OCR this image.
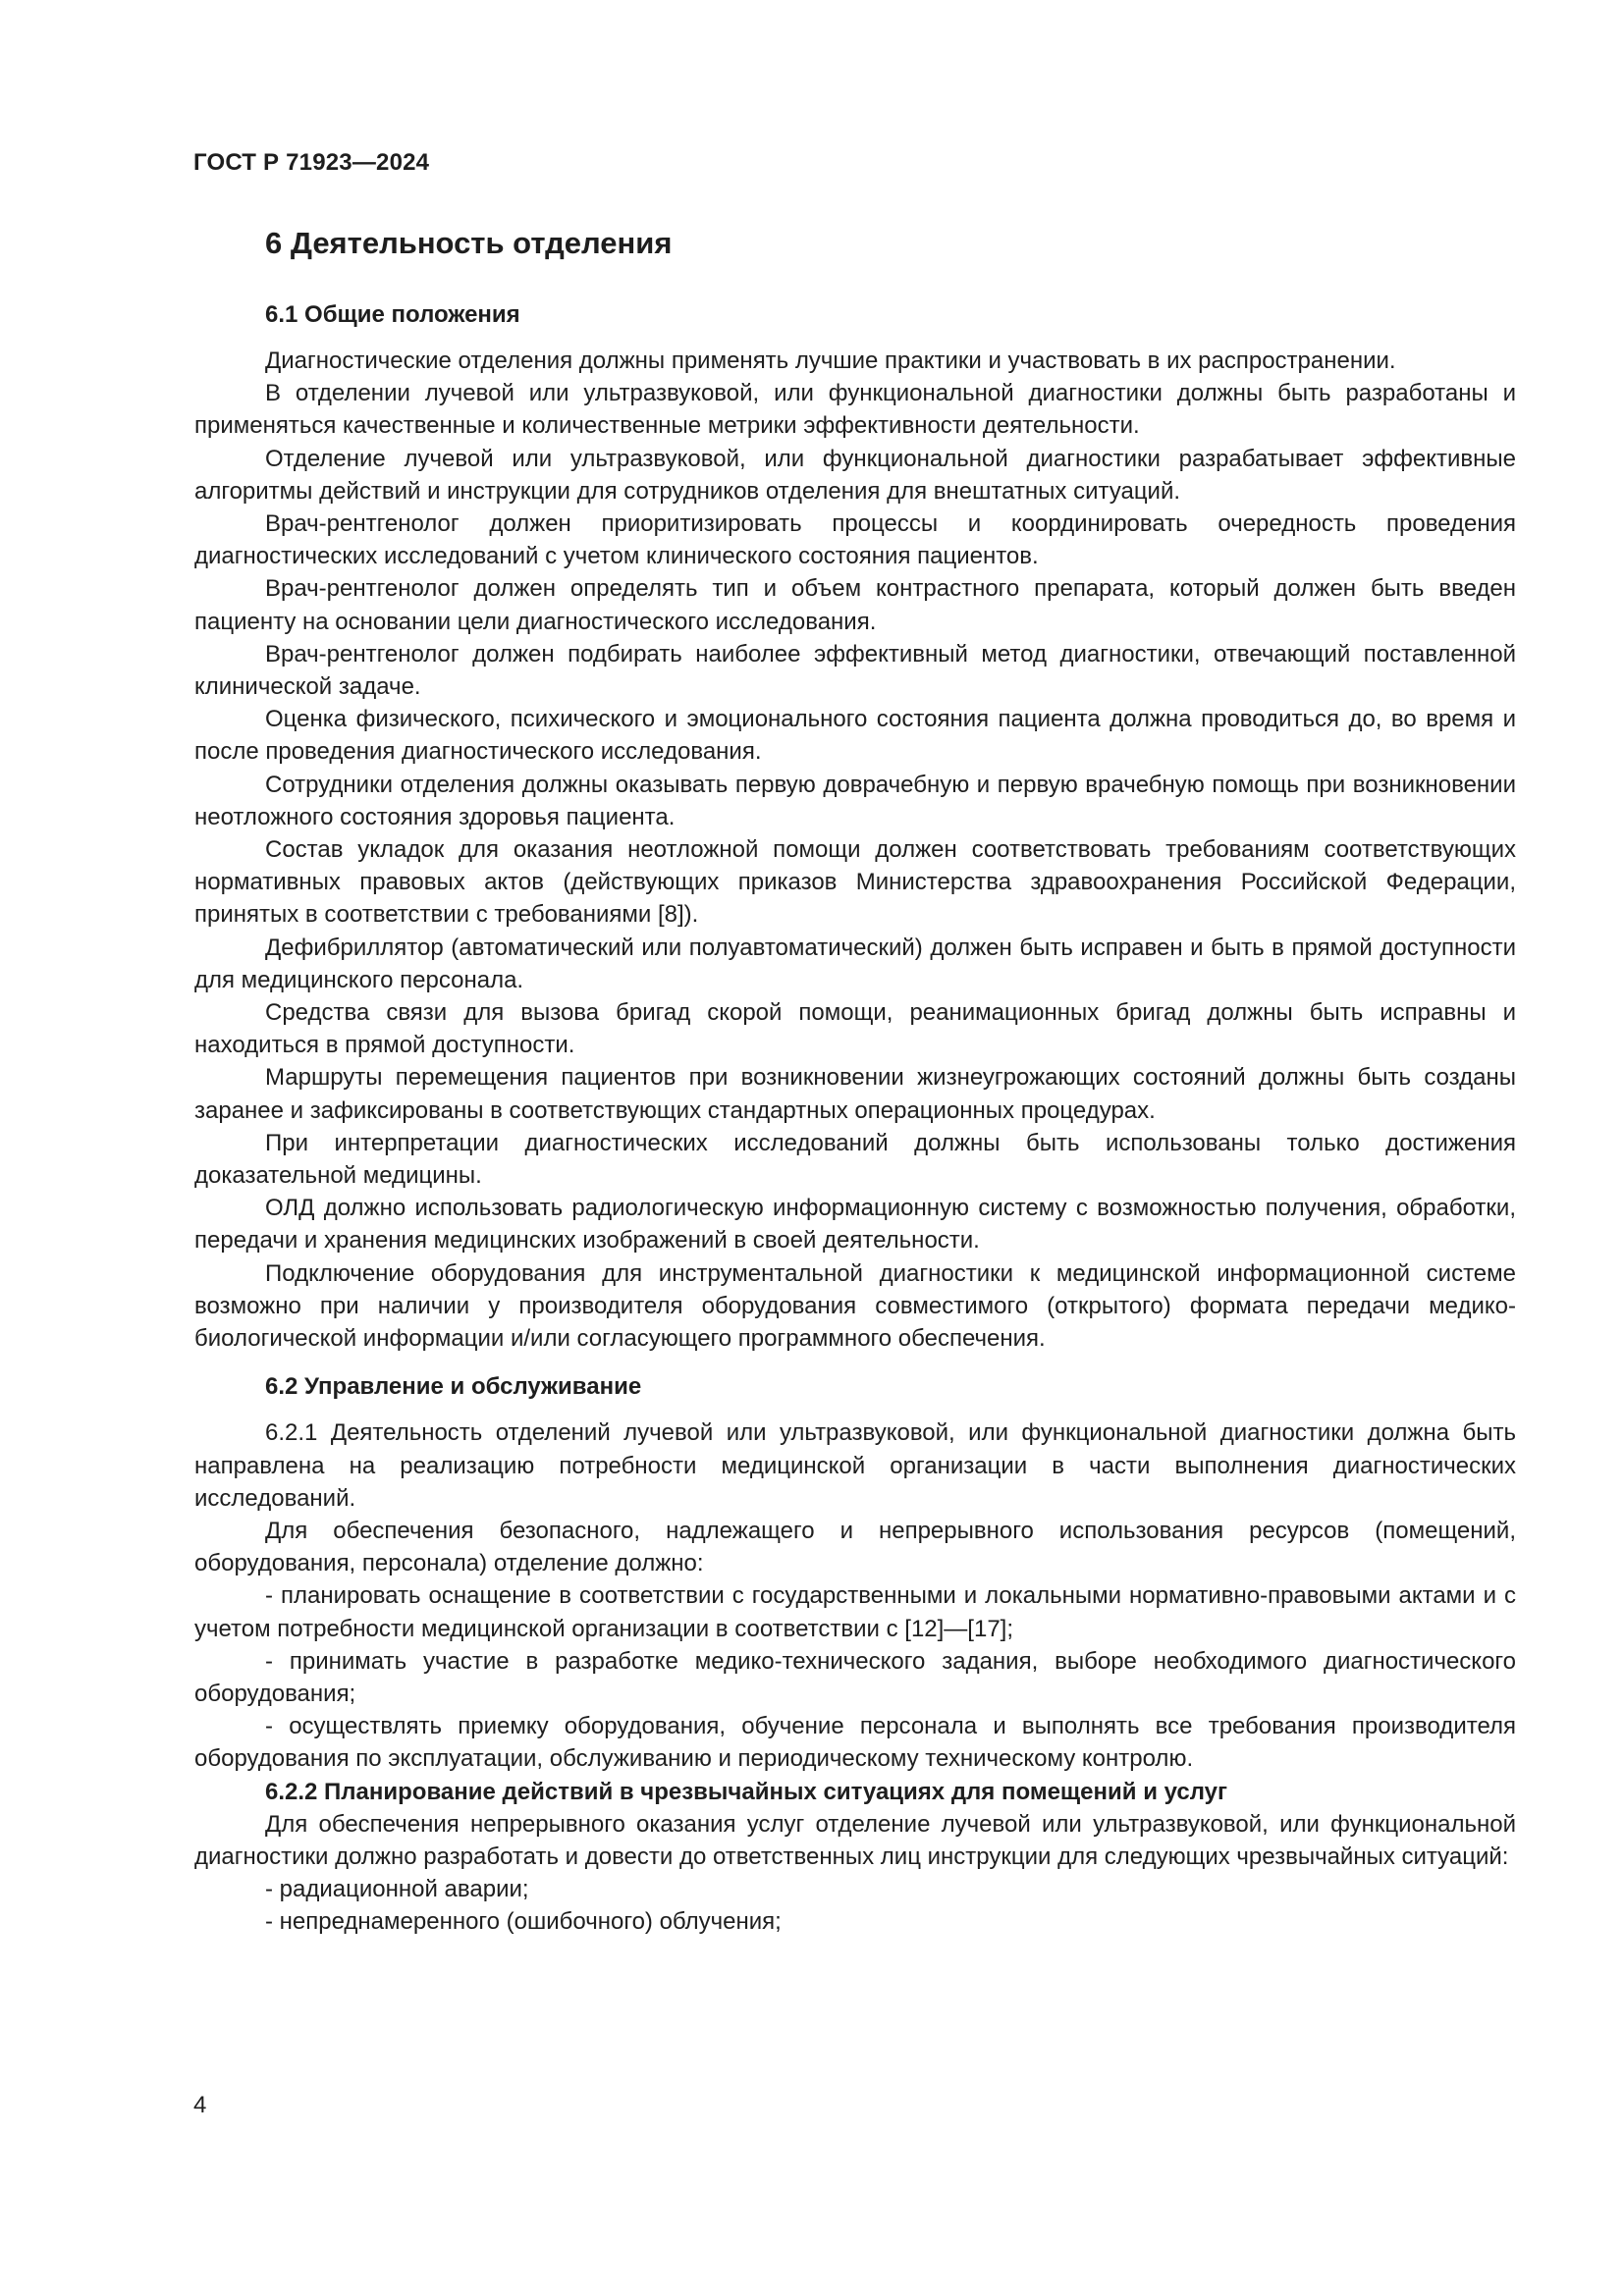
ГОСТ Р 71923—2024
6 Деятельность отделения
6.1 Общие положения

Диагностические отделения должны применять лучшие практики и участвовать в их распространении.

В отделении лучевой или ультразвуковой, или функциональной диагностики должны быть разработаны и применяться качественные и количественные метрики эффективности деятельности.

Отделение лучевой или ультразвуковой, или функциональной диагностики разрабатывает эффективные алгоритмы действий и инструкции для сотрудников отделения для внештатных ситуаций.

Врач-рентгенолог должен приоритизировать процессы и координировать очередность проведения диагностических исследований с учетом клинического состояния пациентов.

Врач-рентгенолог должен определять тип и объем контрастного препарата, который должен быть введен пациенту на основании цели диагностического исследования.

Врач-рентгенолог должен подбирать наиболее эффективный метод диагностики, отвечающий поставленной клинической задаче.

Оценка физического, психического и эмоционального состояния пациента должна проводиться до, во время и после проведения диагностического исследования.

Сотрудники отделения должны оказывать первую доврачебную и первую врачебную помощь при возникновении неотложного состояния здоровья пациента.

Состав укладок для оказания неотложной помощи должен соответствовать требованиям соответствующих нормативных правовых актов (действующих приказов Министерства здравоохранения Российской Федерации, принятых в соответствии с требованиями [8]).

Дефибриллятор (автоматический или полуавтоматический) должен быть исправен и быть в прямой доступности для медицинского персонала.

Средства связи для вызова бригад скорой помощи, реанимационных бригад должны быть исправны и находиться в прямой доступности.

Маршруты перемещения пациентов при возникновении жизнеугрожающих состояний должны быть созданы заранее и зафиксированы в соответствующих стандартных операционных процедурах.

При интерпретации диагностических исследований должны быть использованы только достижения доказательной медицины.

ОЛД должно использовать радиологическую информационную систему с возможностью получения, обработки, передачи и хранения медицинских изображений в своей деятельности.

Подключение оборудования для инструментальной диагностики к медицинской информационной системе возможно при наличии у производителя оборудования совместимого (открытого) формата передачи медико-биологической информации и/или согласующего программного обеспечения.

6.2 Управление и обслуживание

6.2.1 Деятельность отделений лучевой или ультразвуковой, или функциональной диагностики должна быть направлена на реализацию потребности медицинской организации в части выполнения диагностических исследований.

Для обеспечения безопасного, надлежащего и непрерывного использования ресурсов (помещений, оборудования, персонала) отделение должно:

- планировать оснащение в соответствии с государственными и локальными нормативно-правовыми актами и с учетом потребности медицинской организации в соответствии с [12]—[17];

- принимать участие в разработке медико-технического задания, выборе необходимого диагностического оборудования;

- осуществлять приемку оборудования, обучение персонала и выполнять все требования производителя оборудования по эксплуатации, обслуживанию и периодическому техническому контролю.

6.2.2 Планирование действий в чрезвычайных ситуациях для помещений и услуг

Для обеспечения непрерывного оказания услуг отделение лучевой или ультразвуковой, или функциональной диагностики должно разработать и довести до ответственных лиц инструкции для следующих чрезвычайных ситуаций:

- радиационной аварии;

- непреднамеренного (ошибочного) облучения;

4
